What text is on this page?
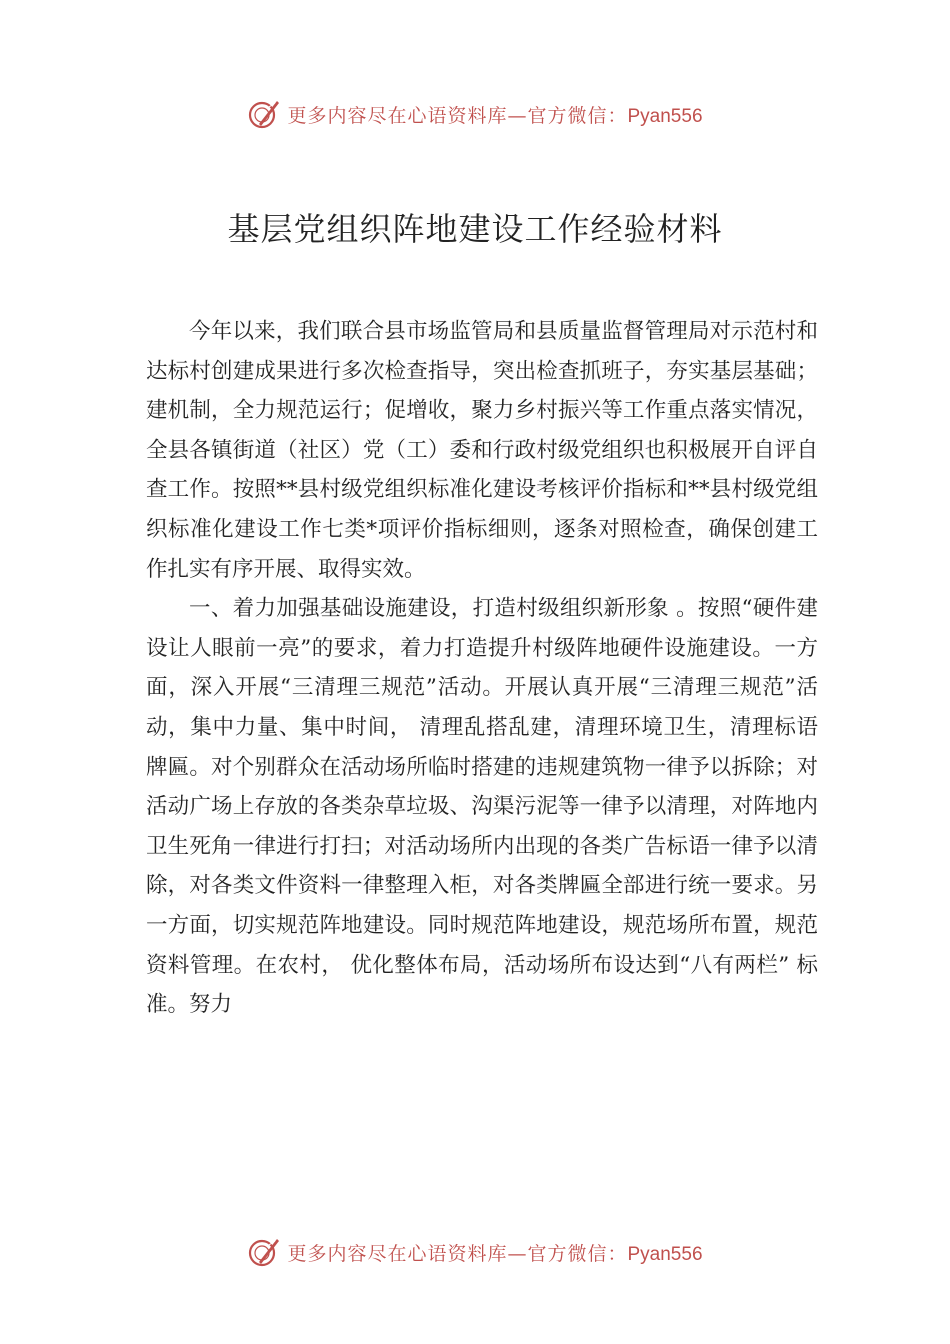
更多内容尽在心语资料库—官方微信：Pyan556
基层党组织阵地建设工作经验材料

今年以来，我们联合县市场监管局和县质量监督管理局对示范村和达标村创建成果进行多次检查指导，突出检查抓班子，夯实基层基础；建机制，全力规范运行；促增收，聚力乡村振兴等工作重点落实情况，全县各镇街道（社区）党（工）委和行政村级党组织也积极展开自评自查工作。按照**县村级党组织标准化建设考核评价指标和**县村级党组织标准化建设工作七类*项评价指标细则，逐条对照检查，确保创建工作扎实有序开展、取得实效。

一、着力加强基础设施建设，打造村级组织新形象 。按照“硬件建设让人眼前一亮”的要求，着力打造提升村级阵地硬件设施建设。一方面，深入开展“三清理三规范”活动。开展认真开展“三清理三规范”活动，集中力量、集中时间， 清理乱搭乱建，清理环境卫生，清理标语牌匾。对个别群众在活动场所临时搭建的违规建筑物一律予以拆除；对活动广场上存放的各类杂草垃圾、沟渠污泥等一律予以清理，对阵地内卫生死角一律进行打扫；对活动场所内出现的各类广告标语一律予以清除，对各类文件资料一律整理入柜，对各类牌匾全部进行统一要求。另一方面，切实规范阵地建设。同时规范阵地建设，规范场所布置，规范资料管理。在农村， 优化整体布局，活动场所布设达到“八有两栏” 标准。努力

更多内容尽在心语资料库—官方微信：Pyan556
